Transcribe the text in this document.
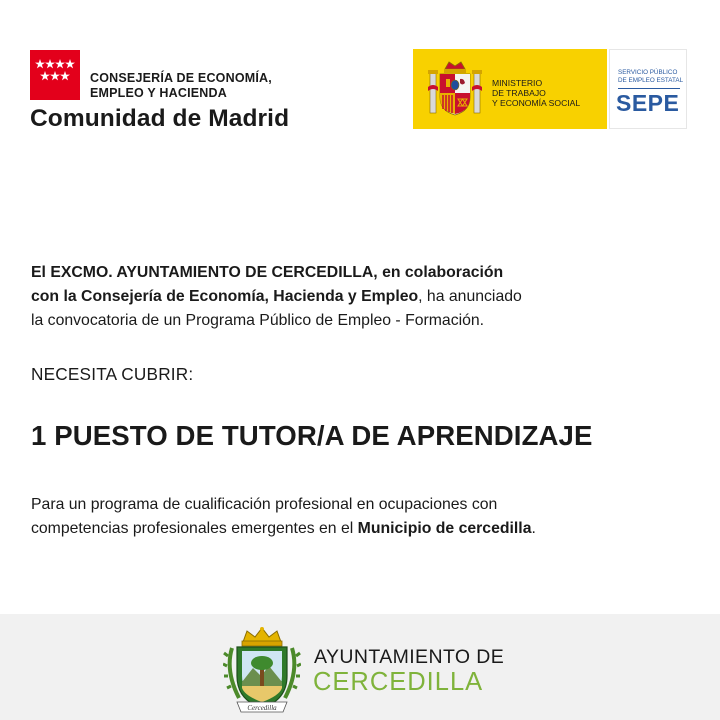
CONSEJERÍA DE ECONOMÍA,
EMPLEO Y HACIENDA
Comunidad de Madrid
MINISTERIO
DE TRABAJO
Y ECONOMÍA SOCIAL
SERVICIO PÚBLICO
DE EMPLEO ESTATAL
SEPE
El EXCMO. AYUNTAMIENTO DE CERCEDILLA, en colaboración
con la Consejería de Economía, Hacienda y Empleo, ha anunciado
la convocatoria de un Programa Público de Empleo - Formación.
NECESITA CUBRIR:
1 PUESTO DE TUTOR/A DE APRENDIZAJE
Para un programa de cualificación profesional en ocupaciones con
competencias profesionales emergentes en el Municipio de cercedilla.
Cercedilla
AYUNTAMIENTO DE
CERCEDILLA
